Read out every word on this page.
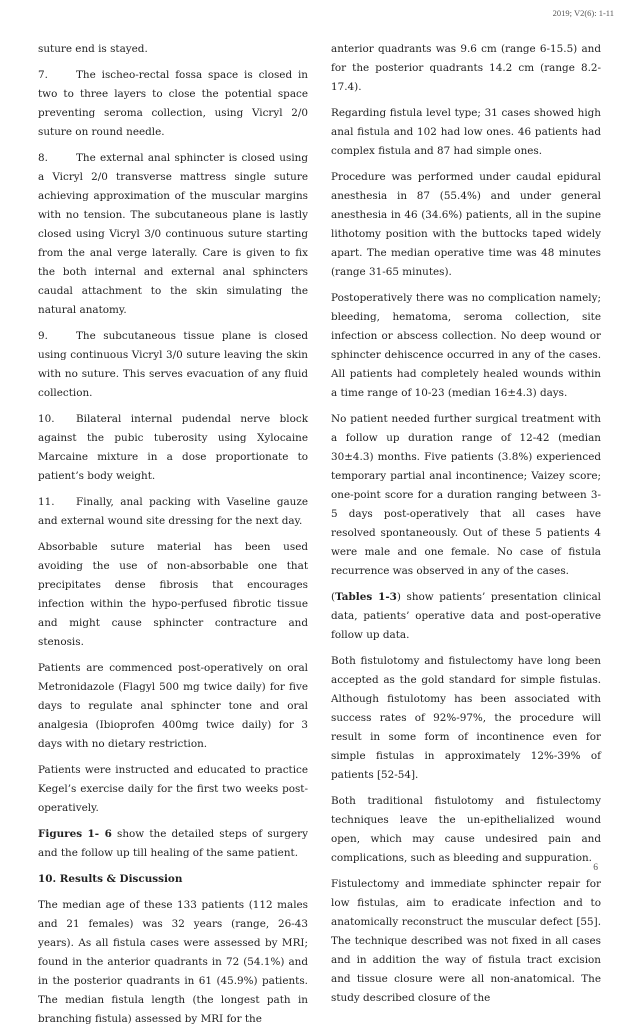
2019; V2(6): 1-11

suture end is stayed.

7.	The ischeo-rectal fossa space is closed in two to three layers to close the potential space preventing seroma collection, using Vicryl 2/0 suture on round needle.

8.	The external anal sphincter is closed using a Vicryl 2/0 transverse mattress single suture achieving approximation of the muscular margins with no tension. The subcutaneous plane is lastly closed using Vicryl 3/0 continuous suture starting from the anal verge laterally. Care is given to fix the both internal and external anal sphincters caudal attachment to the skin simulating the natural anatomy.

9.	The subcutaneous tissue plane is closed using continuous Vicryl 3/0 suture leaving the skin with no suture. This serves evacuation of any fluid collection.

10. Bilateral internal pudendal nerve block against the pubic tuberosity using Xylocaine Marcaine mixture in a dose proportionate to patient’s body weight.

11. Finally, anal packing with Vaseline gauze and external wound site dressing for the next day.

Absorbable suture material has been used avoiding the use of non-absorbable one that precipitates dense fibrosis that encourages infection within the hypo-perfused fibrotic tissue and might cause sphincter contracture and stenosis.

Patients are commenced post-operatively on oral Metronidazole (Flagyl 500 mg twice daily) for five days to regulate anal sphincter tone and oral analgesia (Ibioprofen 400mg twice daily) for 3 days with no dietary restriction.

Patients were instructed and educated to practice Kegel’s exercise daily for the first two weeks post-operatively.

Figures 1- 6 show the detailed steps of surgery and the follow up till healing of the same patient.

10. Results & Discussion

The median age of these 133 patients (112 males and 21 females) was 32 years (range, 26-43 years). As all fistula cases were assessed by MRI; found in the anterior quadrants in 72 (54.1%) and in the posterior quadrants in 61 (45.9%) patients. The median fistula length (the longest path in branching fistula) assessed by MRI for the

anterior quadrants was 9.6 cm (range 6-15.5) and for the posterior quadrants 14.2 cm (range 8.2-17.4).

Regarding fistula level type; 31 cases showed high anal fistula and 102 had low ones. 46 patients had complex fistula and 87 had simple ones.

Procedure was performed under caudal epidural anesthesia in 87 (55.4%) and under general anesthesia in 46 (34.6%) patients, all in the supine lithotomy position with the buttocks taped widely apart. The median operative time was 48 minutes (range 31-65 minutes).

Postoperatively there was no complication namely; bleeding, hematoma, seroma collection, site infection or abscess collection. No deep wound or sphincter dehiscence occurred in any of the cases. All patients had completely healed wounds within a time range of 10-23 (median 16±4.3) days.

No patient needed further surgical treatment with a follow up duration range of 12-42 (median 30±4.3) months. Five patients (3.8%) experienced temporary partial anal incontinence; Vaizey score; one-point score for a duration ranging between 3-5 days post-operatively that all cases have resolved spontaneously. Out of these 5 patients 4 were male and one female. No case of fistula recurrence was observed in any of the cases.

(Tables 1-3) show patients’ presentation clinical data, patients’ operative data and post-operative follow up data.

Both fistulotomy and fistulectomy have long been accepted as the gold standard for simple fistulas. Although fistulotomy has been associated with success rates of 92%-97%, the procedure will result in some form of incontinence even for simple fistulas in approximately 12%-39% of patients [52-54].

Both traditional fistulotomy and fistulectomy techniques leave the un-epithelialized wound open, which may cause undesired pain and complications, such as bleeding and suppuration.

Fistulectomy and immediate sphincter repair for low fistulas, aim to eradicate infection and to anatomically reconstruct the muscular defect [55]. The technique described was not fixed in all cases and in addition the way of fistula tract excision and tissue closure were all non-anatomical. The study described closure of the

6
